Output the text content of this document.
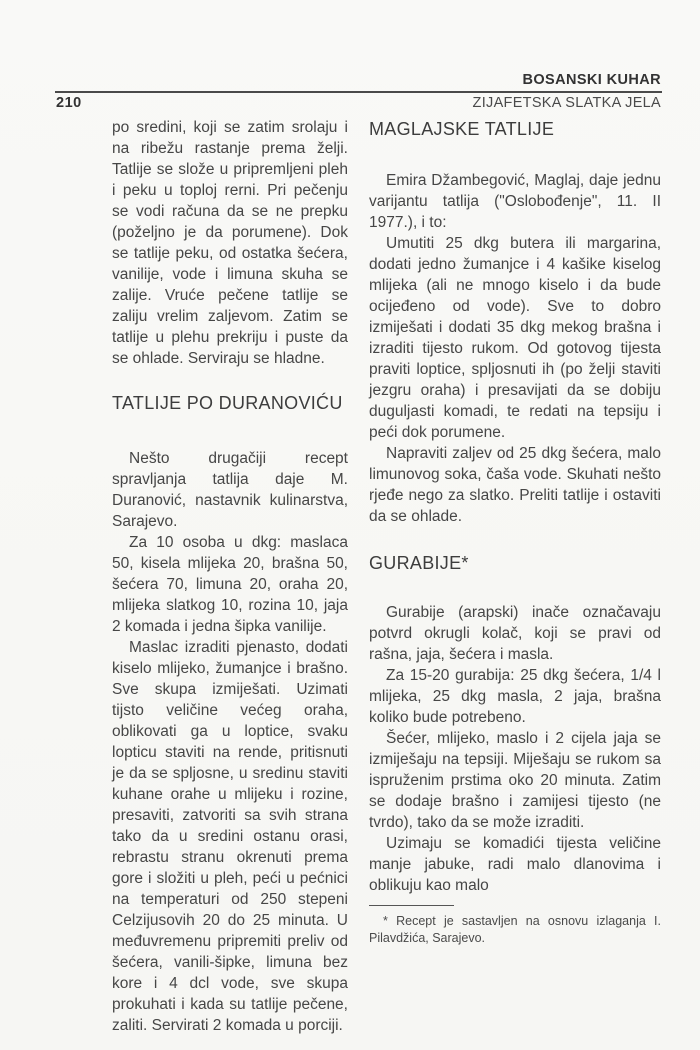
BOSANSKI KUHAR
210	ZIJAFETSKA SLATKA JELA

po sredini, koji se zatim srolaju i na ribežu rastanje prema želji. Tatlije se slože u pripremljeni pleh i peku u toploj rerni. Pri pečenju se vodi računa da se ne prepku (poželjno je da porumene). Dok se tatlije peku, od ostatka šećera, vanilije, vode i limuna skuha se zalije. Vruće pečene tatlije se zaliju vrelim zaljevom. Zatim se tatlije u plehu prekriju i puste da se ohlade. Serviraju se hladne.

TATLIJE PO DURANOVIĆU

Nešto drugačiji recept spravljanja tatlija daje M. Duranović, nastavnik kulinarstva, Sarajevo.

Za 10 osoba u dkg: maslaca 50, kisela mlijeka 20, brašna 50, šećera 70, limuna 20, oraha 20, mlijeka slatkog 10, rozina 10, jaja 2 komada i jedna šipka vanilije.

Maslac izraditi pjenasto, dodati kiselo mlijeko, žumanjce i brašno. Sve skupa izmiješati. Uzimati tijsto veličine većeg oraha, oblikovati ga u loptice, svaku lopticu staviti na rende, pritisnuti je da se spljosne, u sredinu staviti kuhane orahe u mlijeku i rozine, presaviti, zatvoriti sa svih strana tako da u sredini ostanu orasi, rebrastu stranu okrenuti prema gore i složiti u pleh, peći u pećnici na temperaturi od 250 stepeni Celzijusovih 20 do 25 minuta. U međuvremenu pripremiti preliv od šećera, vanili-šipke, limuna bez kore i 4 dcl vode, sve skupa prokuhati i kada su tatlije pečene, zaliti. Servirati 2 komada u porciji.

MAGLAJSKE TATLIJE

Emira Džambegović, Maglaj, daje jednu varijantu tatlija ("Oslobođenje", 11. II 1977.), i to:

Umutiti 25 dkg butera ili margarina, dodati jedno žumanjce i 4 kašike kiselog mlijeka (ali ne mnogo kiselo i da bude ocijeđeno od vode). Sve to dobro izmiješati i dodati 35 dkg mekog brašna i izraditi tijesto rukom. Od gotovog tijesta praviti loptice, spljosnuti ih (po želji staviti jezgru oraha) i presavijati da se dobiju duguljasti komadi, te redati na tepsiju i peći dok porumene.

Napraviti zaljev od 25 dkg šećera, malo limunovog soka, čaša vode. Skuhati nešto rjeđe nego za slatko. Preliti tatlije i ostaviti da se ohlade.

GURABIJE*

Gurabije (arapski) inače označavaju potvrd okrugli kolač, koji se pravi od rašna, jaja, šećera i masla.

Za 15-20 gurabija: 25 dkg šećera, 1/4 l mlijeka, 25 dkg masla, 2 jaja, brašna koliko bude potrebeno.

Šećer, mlijeko, maslo i 2 cijela jaja se izmiješaju na tepsiji. Miješaju se rukom sa ispruženim prstima oko 20 minuta. Zatim se dodaje brašno i zamijesi tijesto (ne tvrdo), tako da se može izraditi.

Uzimaju se komadići tijesta veličine manje jabuke, radi malo dlanovima i oblikuju kao malo

* Recept je sastavljen na osnovu izlaganja I. Pilavdžića, Sarajevo.
